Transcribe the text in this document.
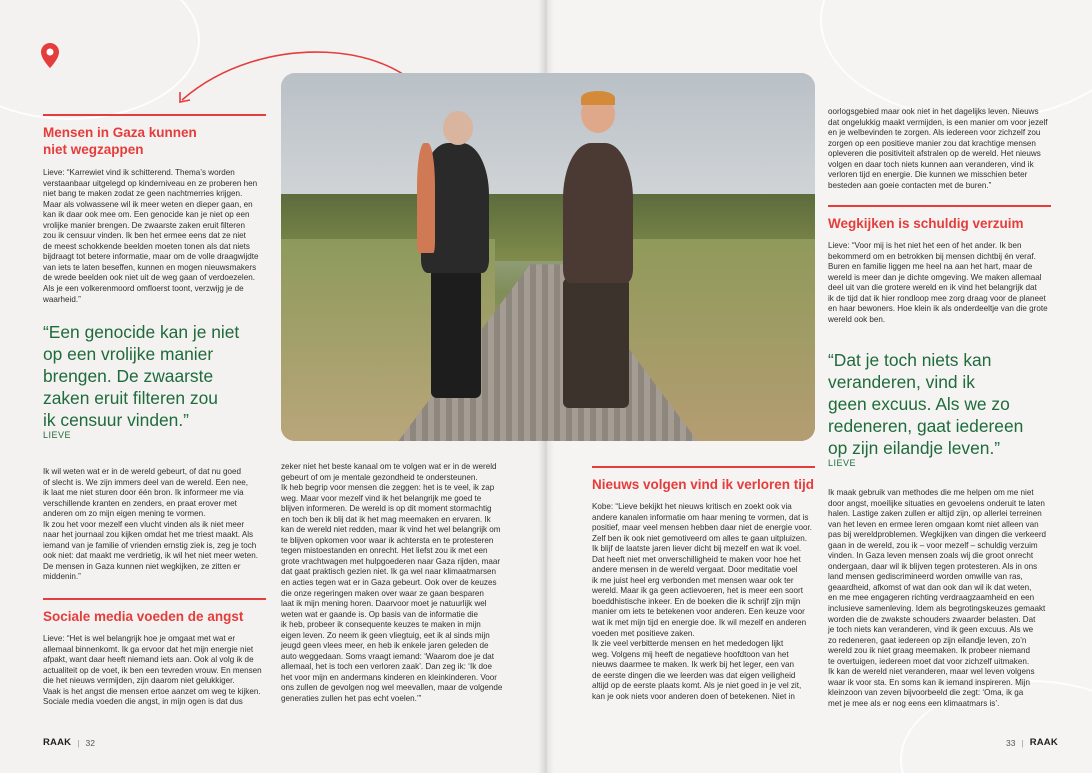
Mensen in Gaza kunnen
niet wegzappen

Lieve: “Karrewiet vind ik schitterend. Thema’s worden

verstaanbaar uitgelegd op kinderniveau en ze proberen hen

niet bang te maken zodat ze geen nachtmerries krijgen.

Maar als volwassene wil ik meer weten en dieper gaan, en

kan ik daar ook mee om. Een genocide kan je niet op een

vrolijke manier brengen. De zwaarste zaken eruit filteren

zou ik censuur vinden. Ik ben het ermee eens dat ze niet

de meest schokkende beelden moeten tonen als dat niets

bijdraagt tot betere informatie, maar om de volle draagwijdte

van iets te laten beseffen, kunnen en mogen nieuwsmakers

de wrede beelden ook niet uit de weg gaan of verdoezelen.

Als je een volkerenmoord omfloerst toont, verzwijg je de

waarheid.”

“Een genocide kan je niet
op een vrolijke manier
brengen. De zwaarste
zaken eruit filteren zou
ik censuur vinden.”
LIEVE

Ik wil weten wat er in de wereld gebeurt, of dat nu goed

of slecht is. We zijn immers deel van de wereld. Een nee,

ik laat me niet sturen door één bron. Ik informeer me via

verschillende kranten en zenders, en praat erover met

anderen om zo mijn eigen mening te vormen.

Ik zou het voor mezelf een vlucht vinden als ik niet meer

naar het journaal zou kijken omdat het me triest maakt. Als

iemand van je familie of vrienden ernstig ziek is, zeg je toch

ook niet: dat maakt me verdrietig, ik wil het niet meer weten.

De mensen in Gaza kunnen niet wegkijken, ze zitten er

middenin.”

Sociale media voeden de angst

Lieve: “Het is wel belangrijk hoe je omgaat met wat er

allemaal binnenkomt. Ik ga ervoor dat het mijn energie niet

afpakt, want daar heeft niemand iets aan. Ook al volg ik de

actualiteit op de voet, ik ben een tevreden vrouw. En mensen

die het nieuws vermijden, zijn daarom niet gelukkiger.

Vaak is het angst die mensen ertoe aanzet om weg te kijken.

Sociale media voeden die angst, in mijn ogen is dat dus

zeker niet het beste kanaal om te volgen wat er in de wereld

gebeurt of om je mentale gezondheid te ondersteunen.

Ik heb begrip voor mensen die zeggen: het is te veel, ik zap

weg. Maar voor mezelf vind ik het belangrijk me goed te

blijven informeren. De wereld is op dit moment stormachtig

en toch ben ik blij dat ik het mag meemaken en ervaren. Ik

kan de wereld niet redden, maar ik vind het wel belangrijk om

te blijven opkomen voor waar ik achtersta en te protesteren

tegen mistoestanden en onrecht. Het liefst zou ik met een

grote vrachtwagen met hulpgoederen naar Gaza rijden, maar

dat gaat praktisch gezien niet. Ik ga wel naar klimaatmarsen

en acties tegen wat er in Gaza gebeurt. Ook over de keuzes

die onze regeringen maken over waar ze gaan besparen

laat ik mijn mening horen. Daarvoor moet je natuurlijk wel

weten wat er gaande is. Op basis van de informatie die

ik heb, probeer ik consequente keuzes te maken in mijn

eigen leven. Zo neem ik geen vliegtuig, eet ik al sinds mijn

jeugd geen vlees meer, en heb ik enkele jaren geleden de

auto weggedaan. Soms vraagt iemand: ‘Waarom doe je dat

allemaal, het is toch een verloren zaak’. Dan zeg ik: ‘Ik doe

het voor mijn en andermans kinderen en kleinkinderen. Voor

ons zullen de gevolgen nog wel meevallen, maar de volgende

generaties zullen het pas echt voelen.’”

RAAK | 32

oorlogsgebied maar ook niet in het dagelijks leven. Nieuws

dat ongelukkig maakt vermijden, is een manier om voor jezelf

en je welbevinden te zorgen. Als iedereen voor zichzelf zou

zorgen op een positieve manier zou dat krachtige mensen

opleveren die positiviteit afstralen op de wereld. Het nieuws

volgen en daar toch niets kunnen aan veranderen, vind ik

verloren tijd en energie. Die kunnen we misschien beter

besteden aan goeie contacten met de buren.”

Wegkijken is schuldig verzuim

Lieve: “Voor mij is het niet het een of het ander. Ik ben

bekommerd om en betrokken bij mensen dichtbij én veraf.

Buren en familie liggen me heel na aan het hart, maar de

wereld is meer dan je dichte omgeving. We maken allemaal

deel uit van die grotere wereld en ik vind het belangrijk dat

ik de tijd dat ik hier rondloop mee zorg draag voor de planeet

en haar bewoners. Hoe klein ik als onderdeeltje van die grote

wereld ook ben.

“Dat je toch niets kan
veranderen, vind ik
geen excuus. Als we zo
redeneren, gaat iedereen
op zijn eilandje leven.”
LIEVE
Nieuws volgen vind ik verloren tijd

Kobe: “Lieve bekijkt het nieuws kritisch en zoekt ook via

andere kanalen informatie om haar mening te vormen, dat is

positief, maar veel mensen hebben daar niet de energie voor.

Zelf ben ik ook niet gemotiveerd om alles te gaan uitpluizen.

Ik blijf de laatste jaren liever dicht bij mezelf en wat ik voel.

Dat heeft niet met onverschilligheid te maken voor hoe het

andere mensen in de wereld vergaat. Door meditatie voel

ik me juist heel erg verbonden met mensen waar ook ter

wereld. Maar ik ga geen actievoeren, het is meer een soort

boeddhistische inkeer. En de boeken die ik schrijf zijn mijn

manier om iets te betekenen voor anderen. Een keuze voor

wat ik met mijn tijd en energie doe. Ik wil mezelf en anderen

voeden met positieve zaken.

Ik zie veel verbitterde mensen en het mededogen lijkt

weg. Volgens mij heeft de negatieve hoofdtoon van het

nieuws daarmee te maken. Ik werk bij het leger, een van

de eerste dingen die we leerden was dat eigen veiligheid

altijd op de eerste plaats komt. Als je niet goed in je vel zit,

kan je ook niets voor anderen doen of betekenen. Niet in

Ik maak gebruik van methodes die me helpen om me niet

door angst, moeilijke situaties en gevoelens onderuit te laten

halen. Lastige zaken zullen er altijd zijn, op allerlei terreinen

van het leven en ermee leren omgaan komt niet alleen van

pas bij wereldproblemen. Wegkijken van dingen die verkeerd

gaan in de wereld, zou ik – voor mezelf – schuldig verzuim

vinden. In Gaza leven mensen zoals wij die groot onrecht

ondergaan, daar wil ik blijven tegen protesteren. Als in ons

land mensen gediscrimineerd worden omwille van ras,

geaardheid, afkomst of wat dan ook dan wil ik dat weten,

en me mee engageren richting verdraagzaamheid en een

inclusieve samenleving. Idem als begrotingskeuzes gemaakt

worden die de zwakste schouders zwaarder belasten. Dat

je toch niets kan veranderen, vind ik geen excuus. Als we

zo redeneren, gaat iedereen op zijn eilandje leven, zo’n

wereld zou ik niet graag meemaken. Ik probeer niemand

te overtuigen, iedereen moet dat voor zichzelf uitmaken.

Ik kan de wereld niet veranderen, maar wel leven volgens

waar ik voor sta. En soms kan ik iemand inspireren. Mijn

kleinzoon van zeven bijvoorbeeld die zegt: ‘Oma, ik ga

met je mee als er nog eens een klimaatmars is’.

33 | RAAK
